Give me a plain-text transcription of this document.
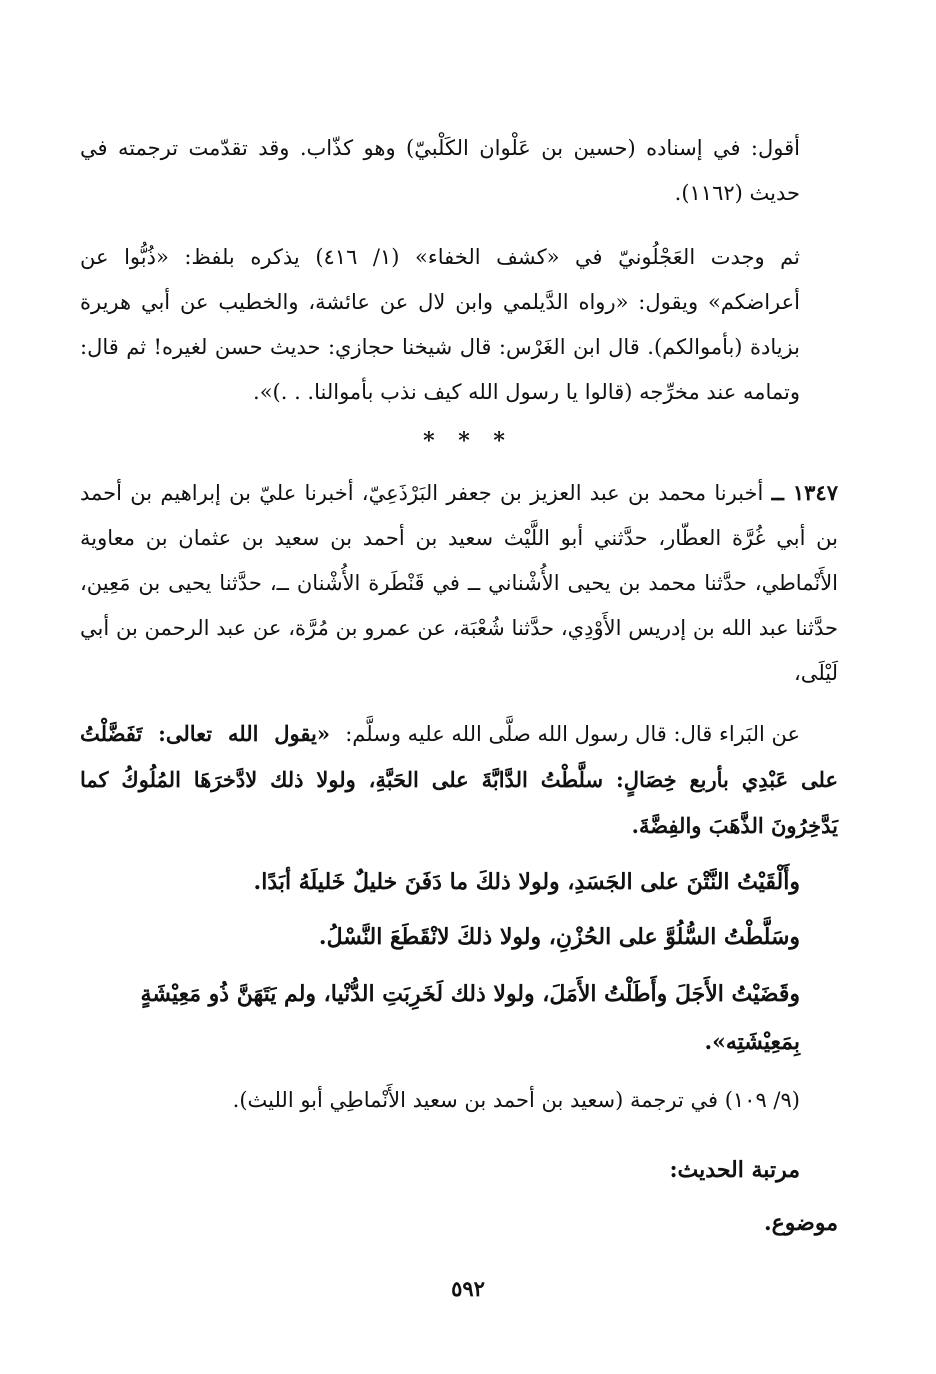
أقول: في إسناده (حسين بن عَلْوان الكَلْبيّ) وهو كذّاب. وقد تقدّمت ترجمته في حديث (١١٦٢).
ثم وجدت العَجْلُونيّ في «كشف الخفاء» (١/ ٤١٦) يذكره بلفظ: «ذُبُّوا عن أعراضكم» ويقول: «رواه الدَّيلمي وابن لال عن عائشة، والخطيب عن أبي هريرة بزيادة (بأموالكم). قال ابن الغَرْس: قال شيخنا حجازي: حديث حسن لغيره! ثم قال: وتمامه عند مخرِّجه (قالوا يا رسول الله كيف نذب بأموالنا. . .)».
* * *
١٣٤٧ ــ أخبرنا محمد بن عبد العزيز بن جعفر البَرْذَعِيّ، أخبرنا عليّ بن إبراهيم بن أحمد بن أبي غُرَّة العطّار، حدَّثني أبو اللَّيْث سعيد بن أحمد بن سعيد بن عثمان بن معاوية الأَنْماطي، حدَّثنا محمد بن يحيى الأُشْناني ــ في قَنْطَرة الأُشْنان ــ، حدَّثنا يحيى بن مَعِين، حدَّثنا عبد الله بن إدريس الأَوْدِي، حدَّثنا شُعْبَة، عن عمرو بن مُرَّة، عن عبد الرحمن بن أبي لَيْلَى،
عن البَراء قال: قال رسول الله صلَّى الله عليه وسلَّم: «يقول الله تعالى: تَفَضَّلْتُ على عَبْدِي بأربع خِصَالٍ: سلَّطْتُ الدَّابَّةَ على الحَبَّةِ، ولولا ذلك لادَّخرَهَا المُلُوكُ كما يَدَّخِرُونَ الذَّهَبَ والفِضَّةَ.
وأَلْقَيْتُ النَّتْنَ على الجَسَدِ، ولولا ذلكَ ما دَفَنَ خليلٌ خَليلَهُ أبَدًا.
وسَلَّطْتُ السُّلُوَّ على الحُزْنِ، ولولا ذلكَ لانْقَطَعَ النَّسْلُ.
وقَضَيْتُ الأَجَلَ وأَطَلْتُ الأَمَلَ، ولولا ذلك لَخَرِبَتِ الدُّنْيا، ولم يَتَهَنَّ ذُو مَعِيْشَةٍ بِمَعِيْشَتِه».
(٩/ ١٠٩) في ترجمة (سعيد بن أحمد بن سعيد الأَنْماطِي أبو الليث).
مرتبة الحديث:
موضوع.
٥٩٢
